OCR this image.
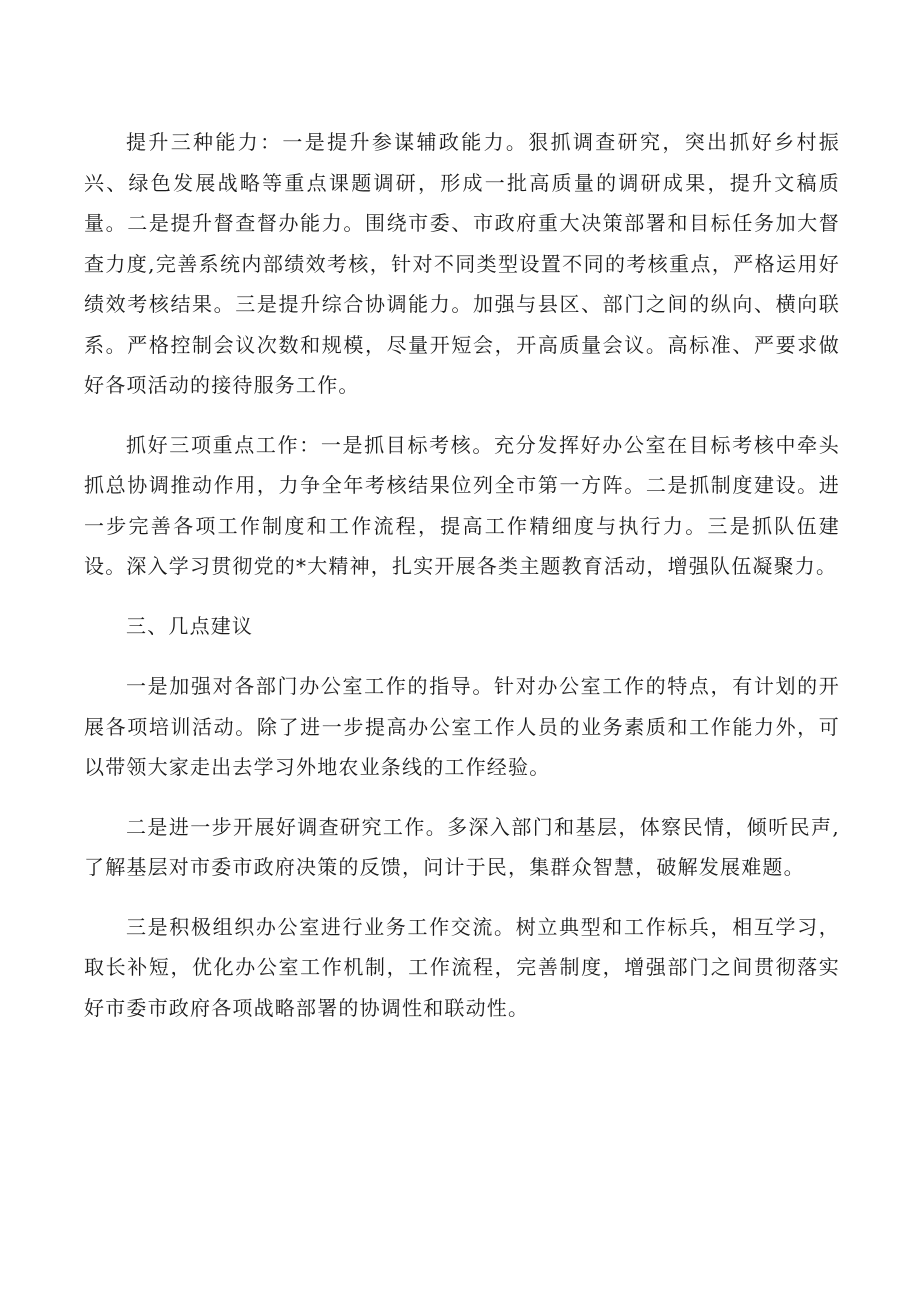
提升三种能力：一是提升参谋辅政能力。狠抓调查研究，突出抓好乡村振兴、绿色发展战略等重点课题调研，形成一批高质量的调研成果，提升文稿质量。二是提升督查督办能力。围绕市委、市政府重大决策部署和目标任务加大督查力度,完善系统内部绩效考核，针对不同类型设置不同的考核重点，严格运用好绩效考核结果。三是提升综合协调能力。加强与县区、部门之间的纵向、横向联系。严格控制会议次数和规模，尽量开短会，开高质量会议。高标准、严要求做好各项活动的接待服务工作。

抓好三项重点工作：一是抓目标考核。充分发挥好办公室在目标考核中牵头抓总协调推动作用，力争全年考核结果位列全市第一方阵。二是抓制度建设。进一步完善各项工作制度和工作流程，提高工作精细度与执行力。三是抓队伍建设。深入学习贯彻党的*大精神，扎实开展各类主题教育活动，增强队伍凝聚力。

三、几点建议

一是加强对各部门办公室工作的指导。针对办公室工作的特点，有计划的开展各项培训活动。除了进一步提高办公室工作人员的业务素质和工作能力外，可以带领大家走出去学习外地农业条线的工作经验。

二是进一步开展好调查研究工作。多深入部门和基层，体察民情，倾听民声,了解基层对市委市政府决策的反馈，问计于民，集群众智慧，破解发展难题。

三是积极组织办公室进行业务工作交流。树立典型和工作标兵，相互学习，取长补短，优化办公室工作机制，工作流程，完善制度，增强部门之间贯彻落实好市委市政府各项战略部署的协调性和联动性。
